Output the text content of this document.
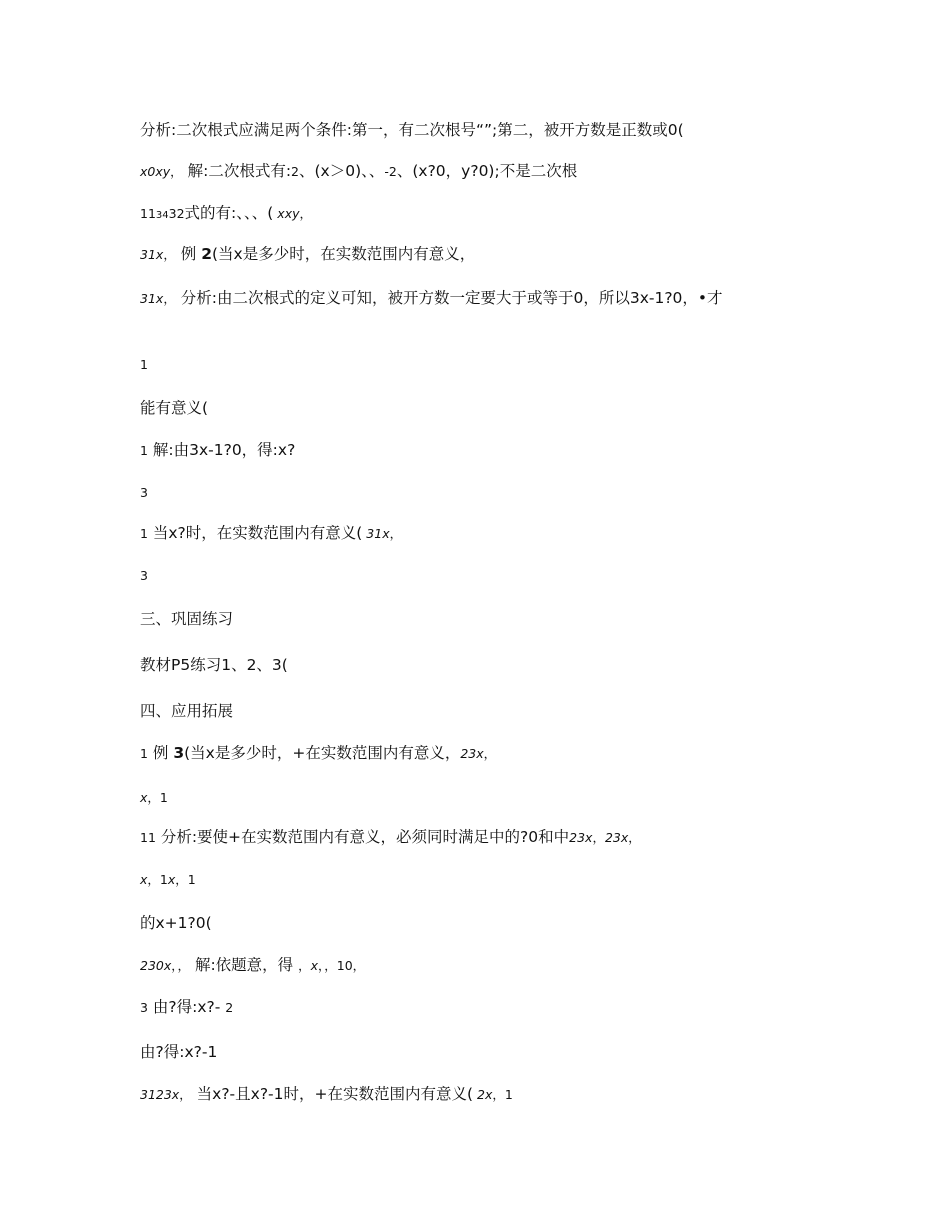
分析:二次根式应满足两个条件:第一，有二次根号“”;第二，被开方数是正数或0(
x0xy， 解:二次根式有:2、(x＞0)、、-2、(x?0，y?0);不是二次根
113432式的有:、、、( xxy，
31x， 例 2(当x是多少时，在实数范围内有意义，
31x， 分析:由二次根式的定义可知，被开方数一定要大于或等于0，所以3x-1?0，•才
1
能有意义(
1 解:由3x-1?0，得:x?
3
1 当x?时，在实数范围内有意义( 31x，
3
三、巩固练习
教材P5练习1、2、3(
四、应用拓展
1 例 3(当x是多少时，+在实数范围内有意义，23x，
x，1
11 分析:要使+在实数范围内有意义，必须同时满足中的?0和中23x，23x，
x，1x，1
的x+1?0(
230x，， 解:依题意，得 ，x，，10，
3 由?得:x?- 2
由?得:x?-1
3123x， 当x?-且x?-1时，+在实数范围内有意义( 2x，1
